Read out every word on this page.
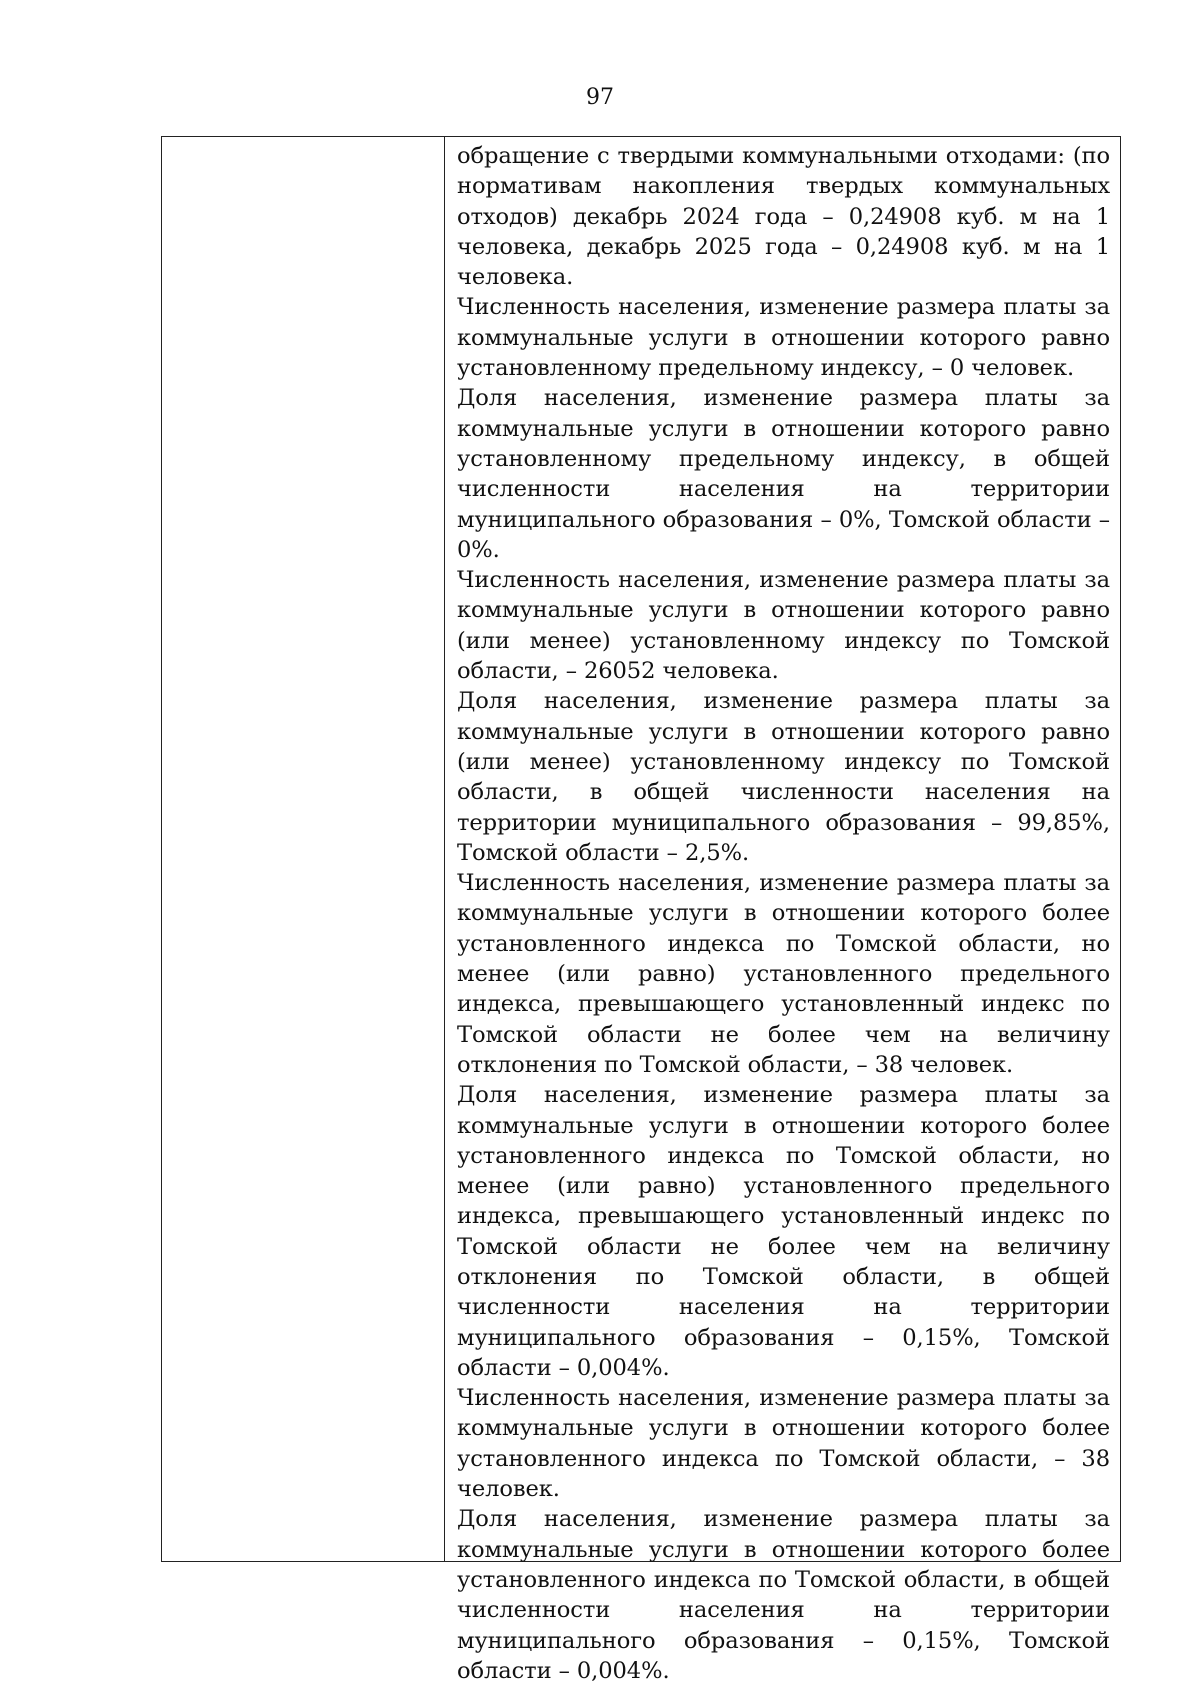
97

обращение с твердыми коммунальными отходами: (по нормативам накопления твердых коммунальных отходов) декабрь 2024 года – 0,24908 куб. м на 1 человека, декабрь 2025 года – 0,24908 куб. м на 1 человека.

Численность населения, изменение размера платы за коммунальные услуги в отношении которого равно установленному предельному индексу, – 0 человек.

Доля населения, изменение размера платы за коммунальные услуги в отношении которого равно установленному предельному индексу, в общей численности населения на территории муниципального образования – 0%, Томской области – 0%.

Численность населения, изменение размера платы за коммунальные услуги в отношении которого равно (или менее) установленному индексу по Томской области, – 26052 человека.

Доля населения, изменение размера платы за коммунальные услуги в отношении которого равно (или менее) установленному индексу по Томской области, в общей численности населения на территории муниципального образования – 99,85%, Томской области – 2,5%.

Численность населения, изменение размера платы за коммунальные услуги в отношении которого более установленного индекса по Томской области, но менее (или равно) установленного предельного индекса, превышающего установленный индекс по Томской области не более чем на величину отклонения по Томской области, – 38 человек.

Доля населения, изменение размера платы за коммунальные услуги в отношении которого более установленного индекса по Томской области, но менее (или равно) установленного предельного индекса, превышающего установленный индекс по Томской области не более чем на величину отклонения по Томской области, в общей численности населения на территории муниципального образования – 0,15%, Томской области – 0,004%.

Численность населения, изменение размера платы за коммунальные услуги в отношении которого более установленного индекса по Томской области, – 38 человек.

Доля населения, изменение размера платы за коммунальные услуги в отношении которого более установленного индекса по Томской области, в общей численности населения на территории муниципального образования – 0,15%, Томской области – 0,004%.
